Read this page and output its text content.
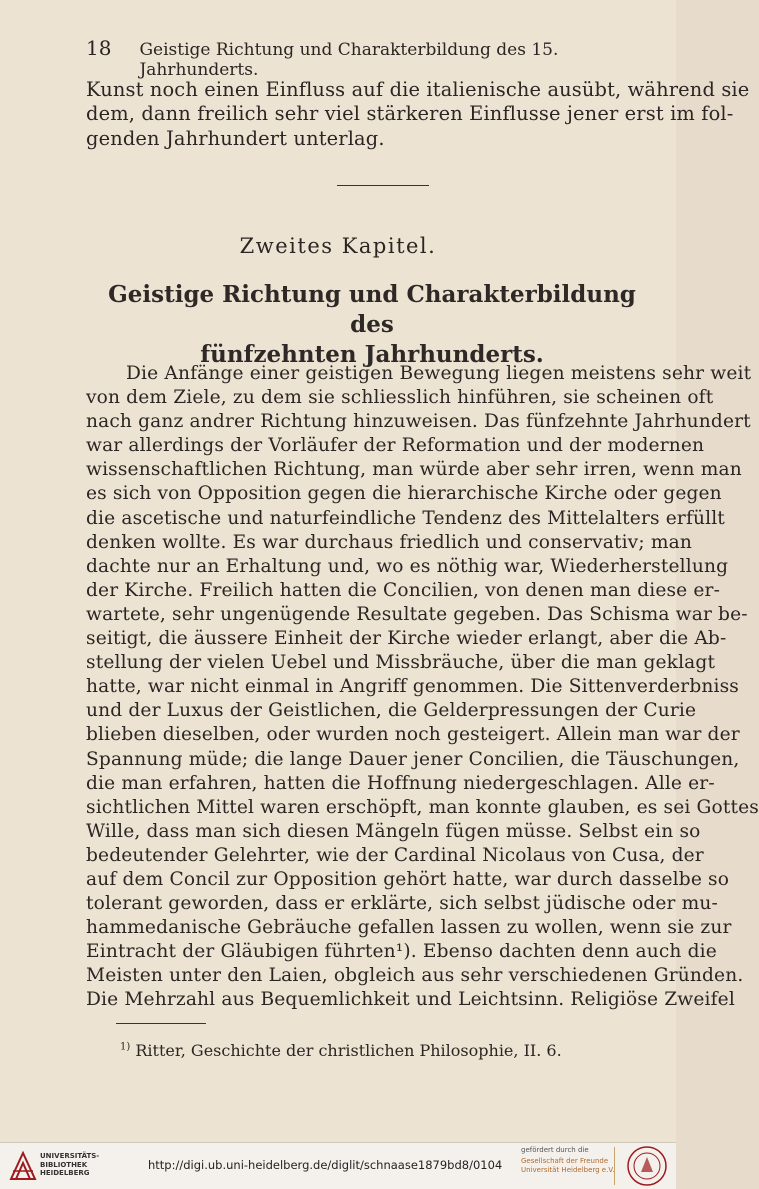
18 Geistige Richtung und Charakterbildung des 15. Jahrhunderts.
Kunst noch einen Einfluss auf die italienische ausübt, während sie
dem, dann freilich sehr viel stärkeren Einflusse jener erst im fol-
genden Jahrhundert unterlag.
Zweites Kapitel.
Geistige Richtung und Charakterbildung des
fünfzehnten Jahrhunderts.
Die Anfänge einer geistigen Bewegung liegen meistens sehr weit
von dem Ziele, zu dem sie schliesslich hinführen, sie scheinen oft
nach ganz andrer Richtung hinzuweisen. Das fünfzehnte Jahrhundert
war allerdings der Vorläufer der Reformation und der modernen
wissenschaftlichen Richtung, man würde aber sehr irren, wenn man
es sich von Opposition gegen die hierarchische Kirche oder gegen
die ascetische und naturfeindliche Tendenz des Mittelalters erfüllt
denken wollte. Es war durchaus friedlich und conservativ; man
dachte nur an Erhaltung und, wo es nöthig war, Wiederherstellung
der Kirche. Freilich hatten die Concilien, von denen man diese er-
wartete, sehr ungenügende Resultate gegeben. Das Schisma war be-
seitigt, die äussere Einheit der Kirche wieder erlangt, aber die Ab-
stellung der vielen Uebel und Missbräuche, über die man geklagt
hatte, war nicht einmal in Angriff genommen. Die Sittenverderbniss
und der Luxus der Geistlichen, die Gelderpressungen der Curie
blieben dieselben, oder wurden noch gesteigert. Allein man war der
Spannung müde; die lange Dauer jener Concilien, die Täuschungen,
die man erfahren, hatten die Hoffnung niedergeschlagen. Alle er-
sichtlichen Mittel waren erschöpft, man konnte glauben, es sei Gottes
Wille, dass man sich diesen Mängeln fügen müsse. Selbst ein so
bedeutender Gelehrter, wie der Cardinal Nicolaus von Cusa, der
auf dem Concil zur Opposition gehört hatte, war durch dasselbe so
tolerant geworden, dass er erklärte, sich selbst jüdische oder mu-
hammedanische Gebräuche gefallen lassen zu wollen, wenn sie zur
Eintracht der Gläubigen führten¹). Ebenso dachten denn auch die
Meisten unter den Laien, obgleich aus sehr verschiedenen Gründen.
Die Mehrzahl aus Bequemlichkeit und Leichtsinn. Religiöse Zweifel
$^{1)}$ Ritter, Geschichte der christlichen Philosophie, II. 6.
UNIVERSITÄTS-
BIBLIOTHEK
HEIDELBERG
http://digi.ub.uni-heidelberg.de/diglit/schnaase1879bd8/0104
gefördert durch die
Gesellschaft der Freunde
Universität Heidelberg e.V.
